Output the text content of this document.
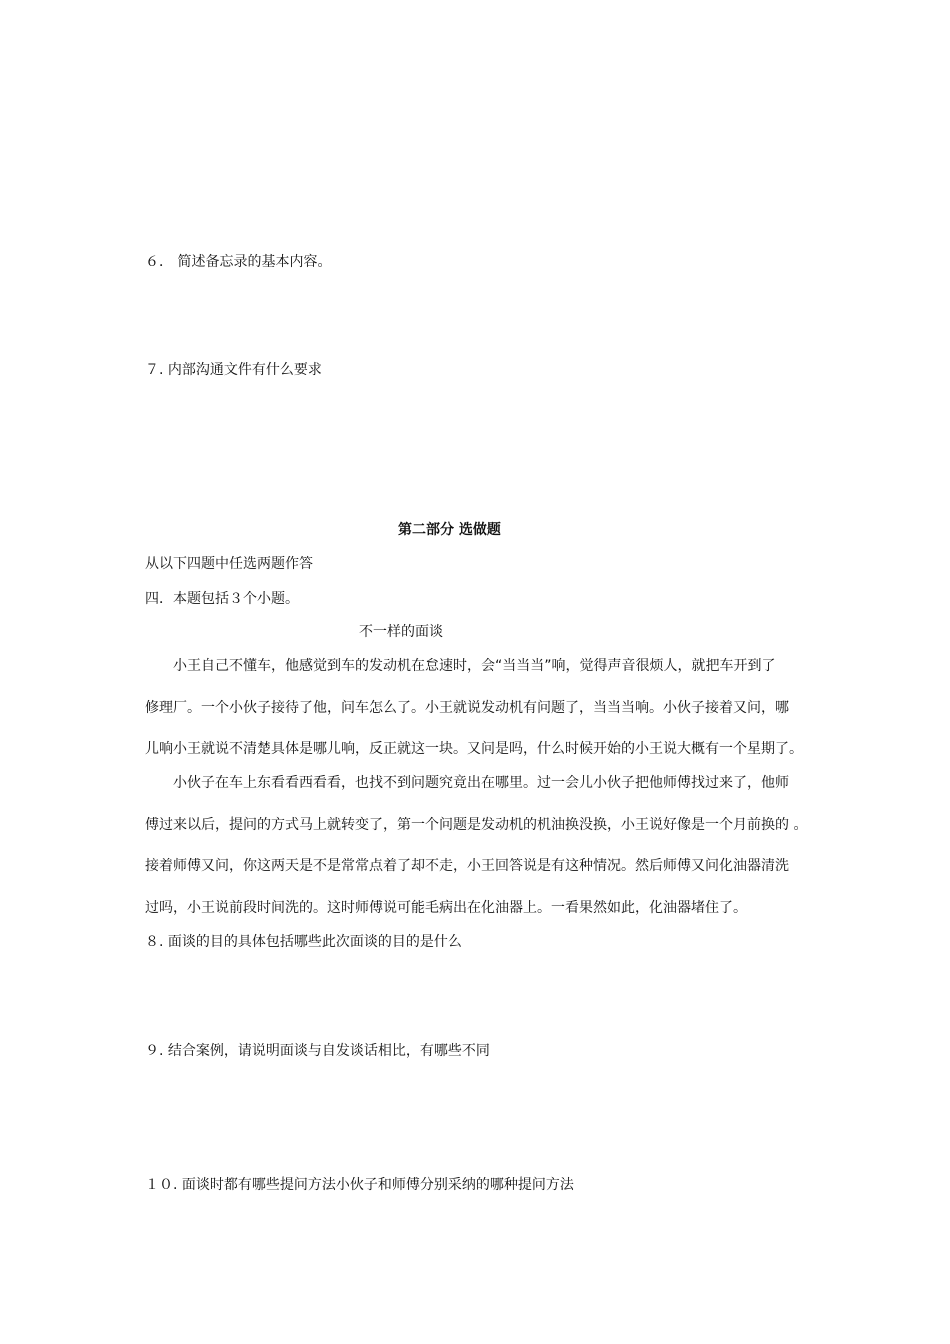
６． 简述备忘录的基本内容。

７. 内部沟通文件有什么要求

第二部分 选做题

从以下四题中任选两题作答

四．本题包括３个小题。

不一样的面谈

小王自己不懂车，他感觉到车的发动机在怠速时，会“当当当”响，觉得声音很烦人，就把车开到了

修理厂。一个小伙子接待了他，问车怎么了。小王就说发动机有问题了，当当当响。小伙子接着又问，哪

儿响小王就说不清楚具体是哪儿响，反正就这一块。又问是吗，什么时候开始的小王说大概有一个星期了。

小伙子在车上东看看西看看，也找不到问题究竟出在哪里。过一会儿小伙子把他师傅找过来了，他师

傅过来以后，提问的方式马上就转变了，第一个问题是发动机的机油换没换，小王说好像是一个月前换的 。

接着师傅又问，你这两天是不是常常点着了却不走，小王回答说是有这种情况。然后师傅又问化油器清洗

过吗，小王说前段时间洗的。这时师傅说可能毛病出在化油器上。一看果然如此，化油器堵住了。

８. 面谈的目的具体包括哪些此次面谈的目的是什么

９. 结合案例，请说明面谈与自发谈话相比，有哪些不同

１０. 面谈时都有哪些提问方法小伙子和师傅分别采纳的哪种提问方法
